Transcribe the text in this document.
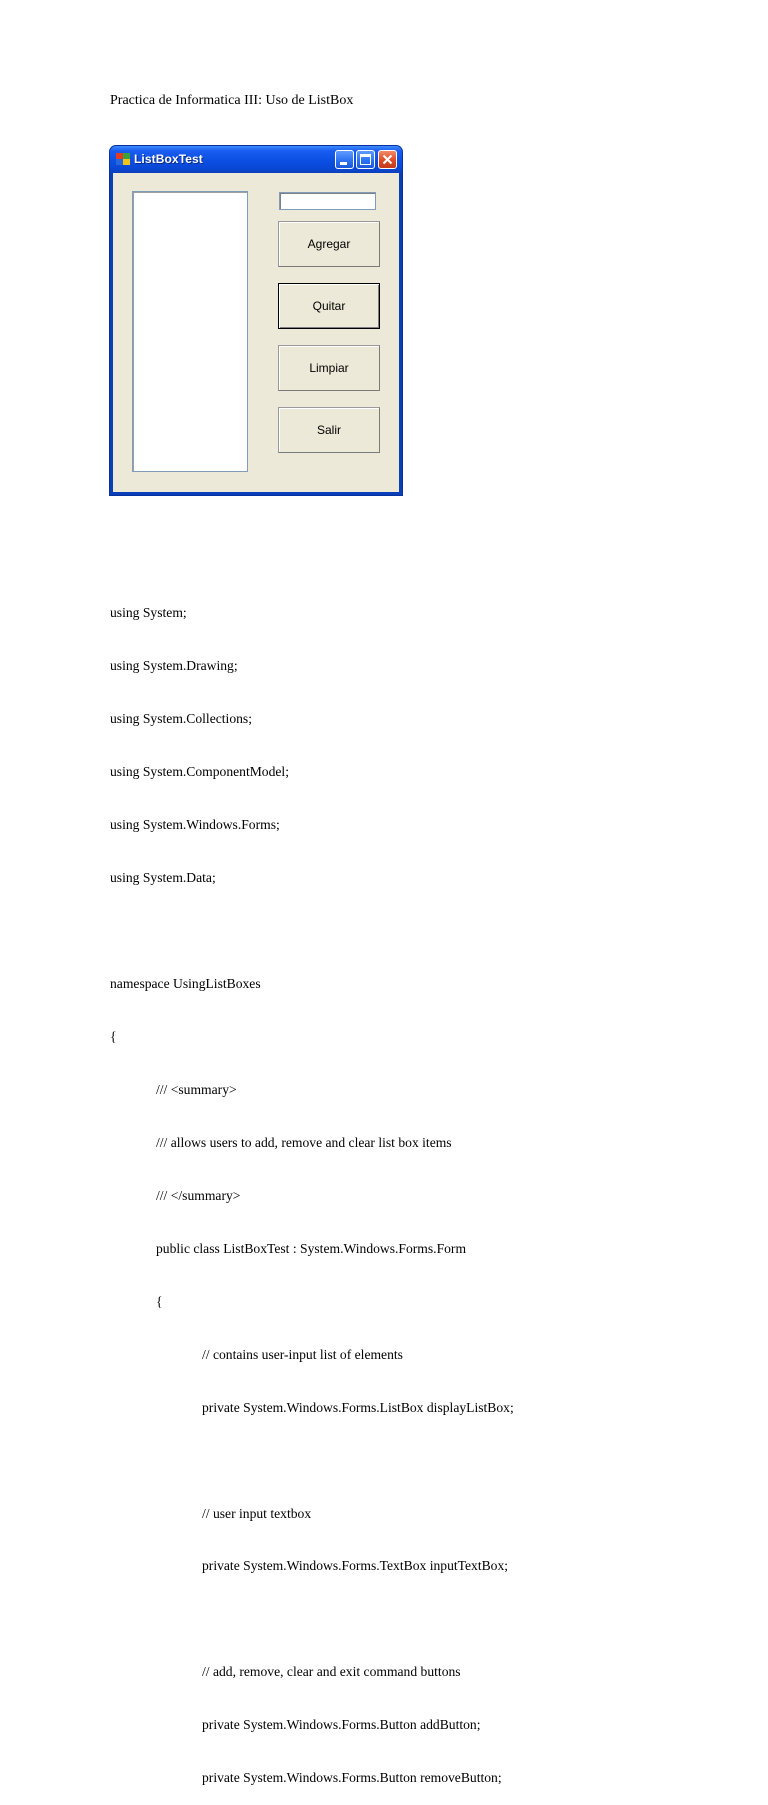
Practica de Informatica III: Uso de ListBox
ListBoxTest
Agregar
Quitar
Limpiar
Salir

using System;

using System.Drawing;

using System.Collections;

using System.ComponentModel;

using System.Windows.Forms;

using System.Data;

namespace UsingListBoxes

{

/// <summary>

/// allows users to add, remove and clear list box items

/// </summary>

public class ListBoxTest : System.Windows.Forms.Form

{

// contains user-input list of elements

private System.Windows.Forms.ListBox displayListBox;

// user input textbox

private System.Windows.Forms.TextBox inputTextBox;

// add, remove, clear and exit command buttons

private System.Windows.Forms.Button addButton;

private System.Windows.Forms.Button removeButton;
